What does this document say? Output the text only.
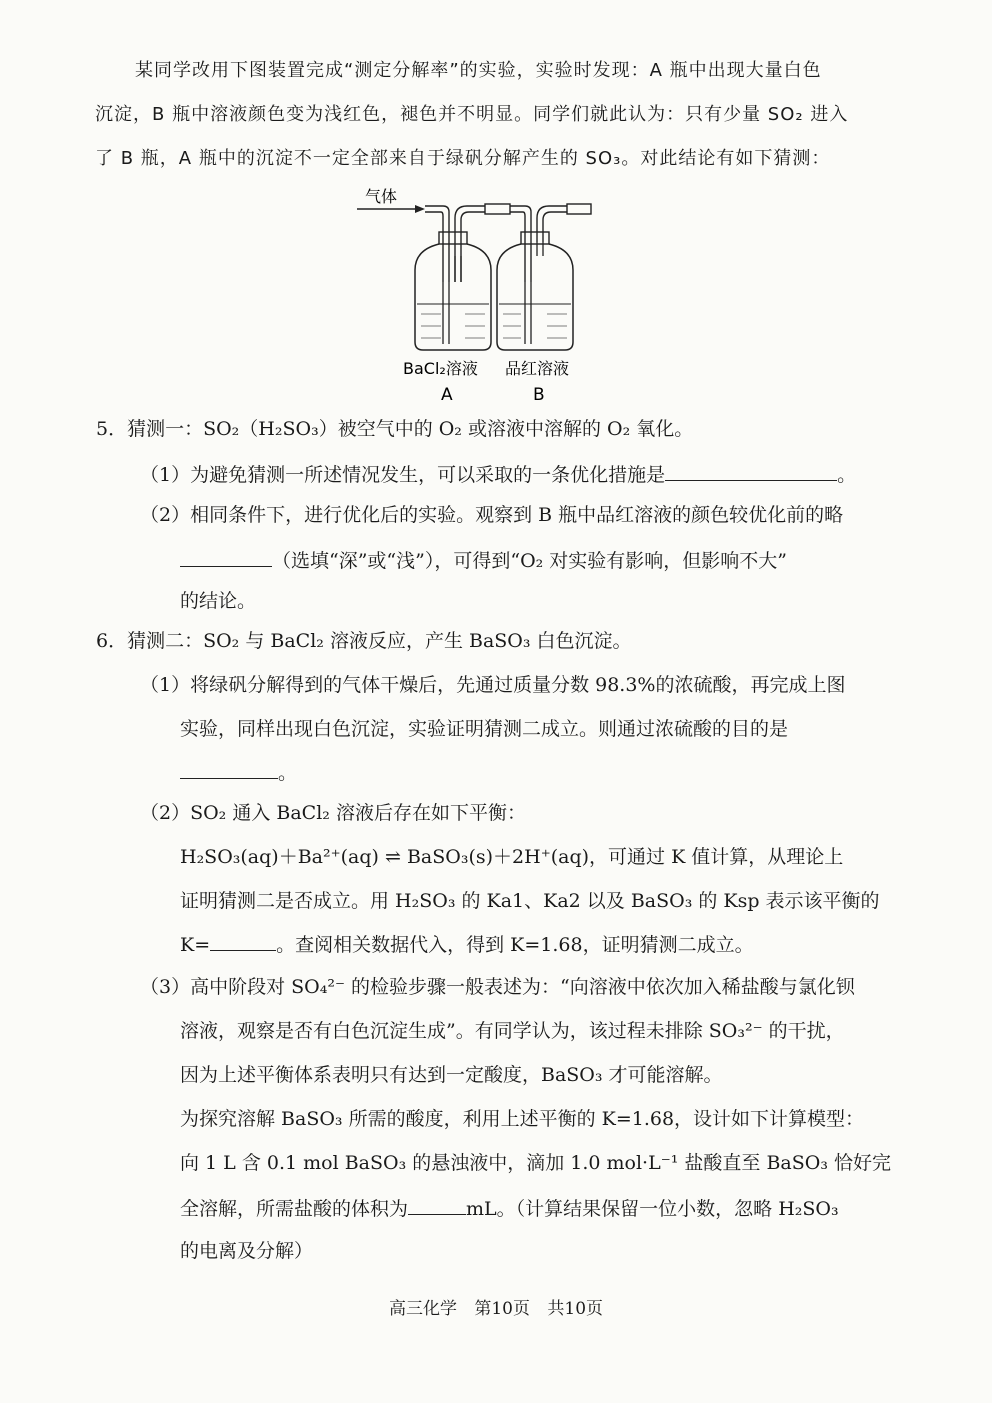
某同学改用下图装置完成“测定分解率”的实验，实验时发现：A 瓶中出现大量白色
沉淀，B 瓶中溶液颜色变为浅红色，褪色并不明显。同学们就此认为：只有少量 SO₂ 进入
了 B 瓶，A 瓶中的沉淀不一定全部来自于绿矾分解产生的 SO₃。对此结论有如下猜测：
气体
BaCl₂溶液 品红溶液
A	B
5．猜测一：SO₂（H₂SO₃）被空气中的 O₂ 或溶液中溶解的 O₂ 氧化。
（1）为避免猜测一所述情况发生，可以采取的一条优化措施是	。
（2）相同条件下，进行优化后的实验。观察到 B 瓶中品红溶液的颜色较优化前的略
（选填“深”或“浅”），可得到“O₂ 对实验有影响，但影响不大”
的结论。
6．猜测二：SO₂ 与 BaCl₂ 溶液反应，产生 BaSO₃ 白色沉淀。
（1）将绿矾分解得到的气体干燥后，先通过质量分数 98.3%的浓硫酸，再完成上图
实验，同样出现白色沉淀，实验证明猜测二成立。则通过浓硫酸的目的是
。
（2）SO₂ 通入 BaCl₂ 溶液后存在如下平衡：
H₂SO₃(aq)＋Ba²⁺(aq) ⇌ BaSO₃(s)＋2H⁺(aq)，可通过 K 值计算，从理论上
证明猜测二是否成立。用 H₂SO₃ 的 Ka1、Ka2 以及 BaSO₃ 的 Ksp 表示该平衡的
K=	。查阅相关数据代入，得到 K=1.68，证明猜测二成立。
（3）高中阶段对 SO₄²⁻ 的检验步骤一般表述为：“向溶液中依次加入稀盐酸与氯化钡
溶液，观察是否有白色沉淀生成”。有同学认为，该过程未排除 SO₃²⁻ 的干扰，
因为上述平衡体系表明只有达到一定酸度，BaSO₃ 才可能溶解。
为探究溶解 BaSO₃ 所需的酸度，利用上述平衡的 K=1.68，设计如下计算模型：
向 1 L 含 0.1 mol BaSO₃ 的悬浊液中，滴加 1.0 mol·L⁻¹ 盐酸直至 BaSO₃ 恰好完
全溶解，所需盐酸的体积为	mL。（计算结果保留一位小数，忽略 H₂SO₃
的电离及分解）
高三化学 第10页 共10页
